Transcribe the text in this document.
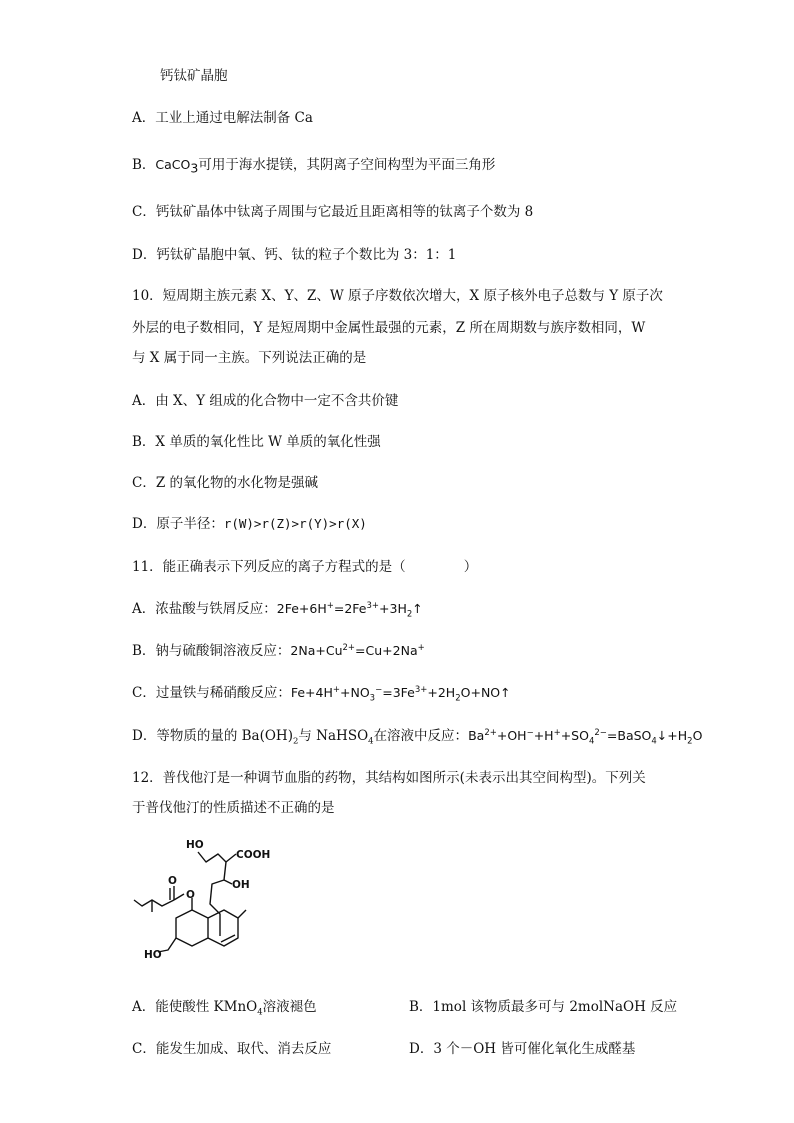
钙钛矿晶胞
A．工业上通过电解法制备 Ca
B．CaCO$_3$可用于海水提镁，其阴离子空间构型为平面三角形
C．钙钛矿晶体中钛离子周围与它最近且距离相等的钛离子个数为 8
D．钙钛矿晶胞中氧、钙、钛的粒子个数比为 3：1：1
10．短周期主族元素 X、Y、Z、W 原子序数依次增大，X 原子核外电子总数与 Y 原子次
外层的电子数相同，Y 是短周期中金属性最强的元素，Z 所在周期数与族序数相同，W
与 X 属于同一主族。下列说法正确的是
A．由 X、Y 组成的化合物中一定不含共价键
B．X 单质的氧化性比 W 单质的氧化性强
C．Z 的氧化物的水化物是强碱
D．原子半径：r(W)>r(Z)>r(Y)>r(X)
11．能正确表示下列反应的离子方程式的是（	）
A．浓盐酸与铁屑反应：$2Fe+6H^+=2Fe^{3+}+3H_2↑$
B．钠与硫酸铜溶液反应：$2Na+Cu^{2+}=Cu+2Na^+$
C．过量铁与稀硝酸反应：$Fe+4H^++NO_3^-=3Fe^{3+}+2H_2O+NO↑$
D．等物质的量的 $Ba(OH)_2$与 NaHSO$_4$在溶液中反应：$Ba^{2+}+OH^-+H^++SO_4^{2-}=BaSO_4↓+H_2O$
12．普伐他汀是一种调节血脂的药物，其结构如图所示(未表示出其空间构型)。下列关
于普伐他汀的性质描述不正确的是
HO
COOH
OH
O
O
HO
A．能使酸性 KMnO$_4$溶液褪色	B．1mol 该物质最多可与 2molNaOH 反应
C．能发生加成、取代、消去反应	D．3 个－OH 皆可催化氧化生成醛基
